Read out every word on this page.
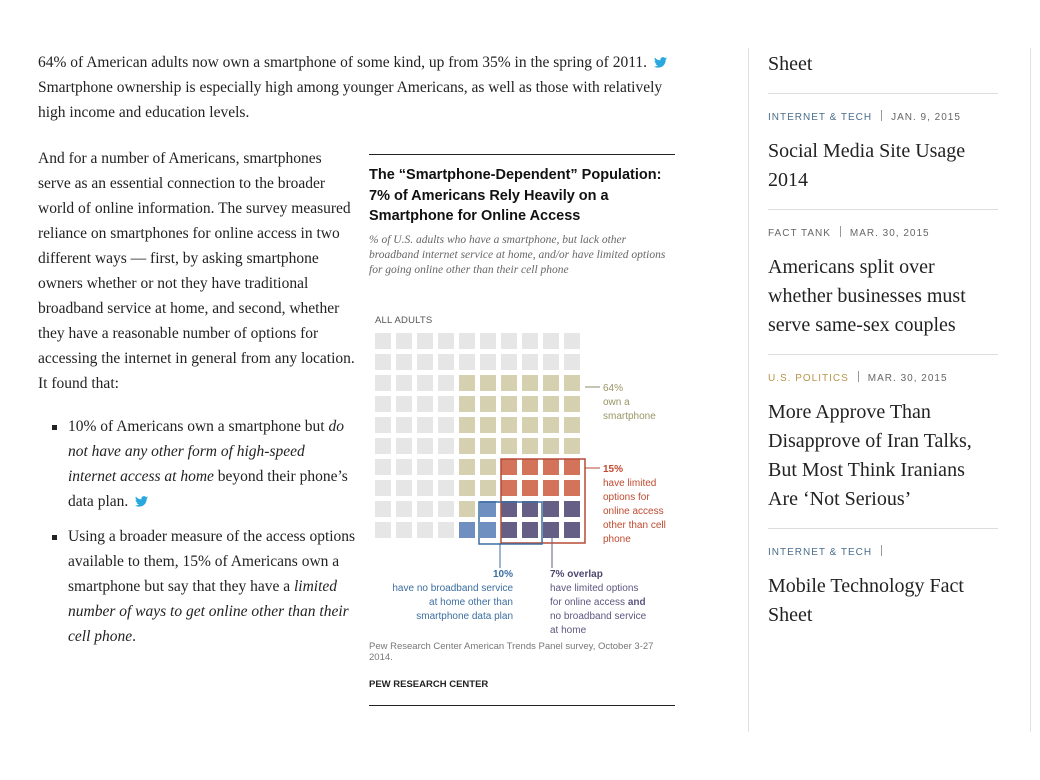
64% of American adults now own a smartphone of some kind, up from 35% in the spring of 2011.  Smartphone ownership is especially high among younger Americans, as well as those with relatively high income and education levels.

And for a number of Americans, smartphones serve as an essential connection to the broader world of online information. The survey measured reliance on smartphones for online access in two different ways — first, by asking smartphone owners whether or not they have traditional broadband service at home, and second, whether they have a reasonable number of options for accessing the internet in general from any location. It found that:

10% of Americans own a smartphone but do not have any other form of high-speed internet access at home beyond their phone’s data plan.
Using a broader measure of the access options available to them, 15% of Americans own a smartphone but say that they have a limited number of ways to get online other than their cell phone.
The “Smartphone-Dependent” Population: 7% of Americans Rely Heavily on a Smartphone for Online Access
% of U.S. adults who have a smartphone, but lack other broadband internet service at home, and/or have limited options for going online other than their cell phone
ALL ADULTS
64%
own a
smartphone
15%
have limited
options for
online access
other than cell
phone
10%
have no broadband service
at home other than
smartphone data plan
7% overlap
have limited options
for online access and
no broadband service
at home
Pew Research Center American Trends Panel survey, October 3-27 2014.
PEW RESEARCH CENTER
Sheet
INTERNET & TECH JAN. 9, 2015
Social Media Site Usage 2014
FACT TANK MAR. 30, 2015
Americans split over whether businesses must serve same-sex couples
U.S. POLITICS MAR. 30, 2015
More Approve Than Disapprove of Iran Talks, But Most Think Iranians Are ‘Not Serious’
INTERNET & TECH
Mobile Technology Fact Sheet
